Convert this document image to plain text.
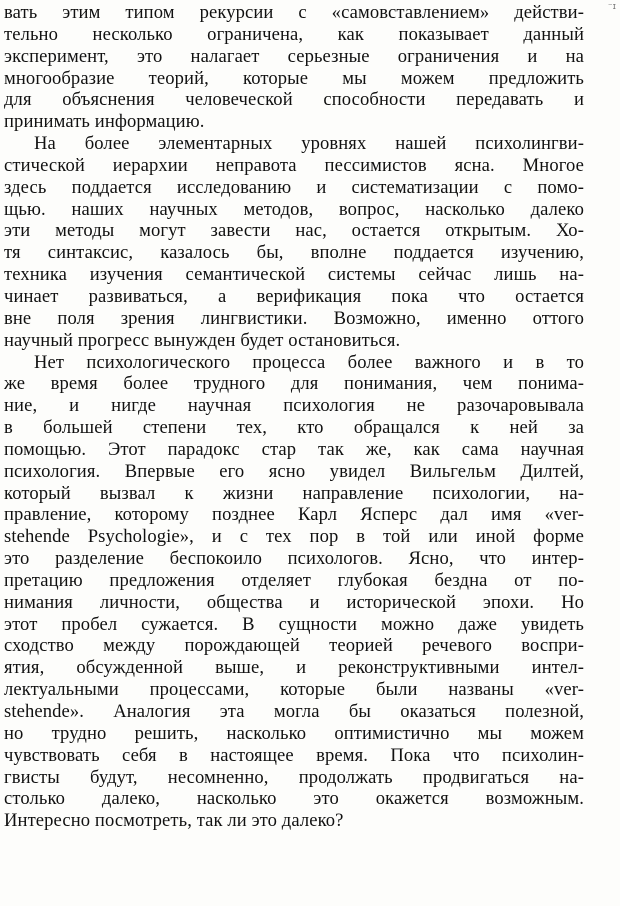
⁻ɪ
вать этим типом рекурсии с «самовставлением» действи-
тельно несколько ограничена, как показывает данный
эксперимент, это налагает серьезные ограничения и на
многообразие теорий, которые мы можем предложить
для объяснения человеческой способности передавать и
принимать информацию.
На более элементарных уровнях нашей психолингви-
стической иерархии неправота пессимистов ясна. Многое
здесь поддается исследованию и систематизации с помо-
щью. наших научных методов, вопрос, насколько далеко
эти методы могут завести нас, остается открытым. Хо-
тя синтаксис, казалось бы, вполне поддается изучению,
техника изучения семантической системы сейчас лишь на-
чинает развиваться, а верификация пока что остается
вне поля зрения лингвистики. Возможно, именно оттого
научный прогресс вынужден будет остановиться.
Нет психологического процесса более важного и в то
же время более трудного для понимания, чем понима-
ние, и нигде научная психология не разочаровывала
в большей степени тех, кто обращался к ней за
помощью. Этот парадокс стар так же, как сама научная
психология. Впервые его ясно увидел Вильгельм Дилтей,
который вызвал к жизни направление психологии, на-
правление, которому позднее Карл Ясперс дал имя «ver-
stehende Psychologie», и с тех пор в той или иной форме
это разделение беспокоило психологов. Ясно, что интер-
претацию предложения отделяет глубокая бездна от по-
нимания личности, общества и исторической эпохи. Но
этот пробел сужается. В сущности можно даже увидеть
сходство между порождающей теорией речевого воспри-
ятия, обсужденной выше, и реконструктивными интел-
лектуальными процессами, которые были названы «ver-
stehende». Аналогия эта могла бы оказаться полезной,
но трудно решить, насколько оптимистично мы можем
чувствовать себя в настоящее время. Пока что психолин-
гвисты будут, несомненно, продолжать продвигаться на-
столько далеко, насколько это окажется возможным.
Интересно посмотреть, так ли это далеко?
